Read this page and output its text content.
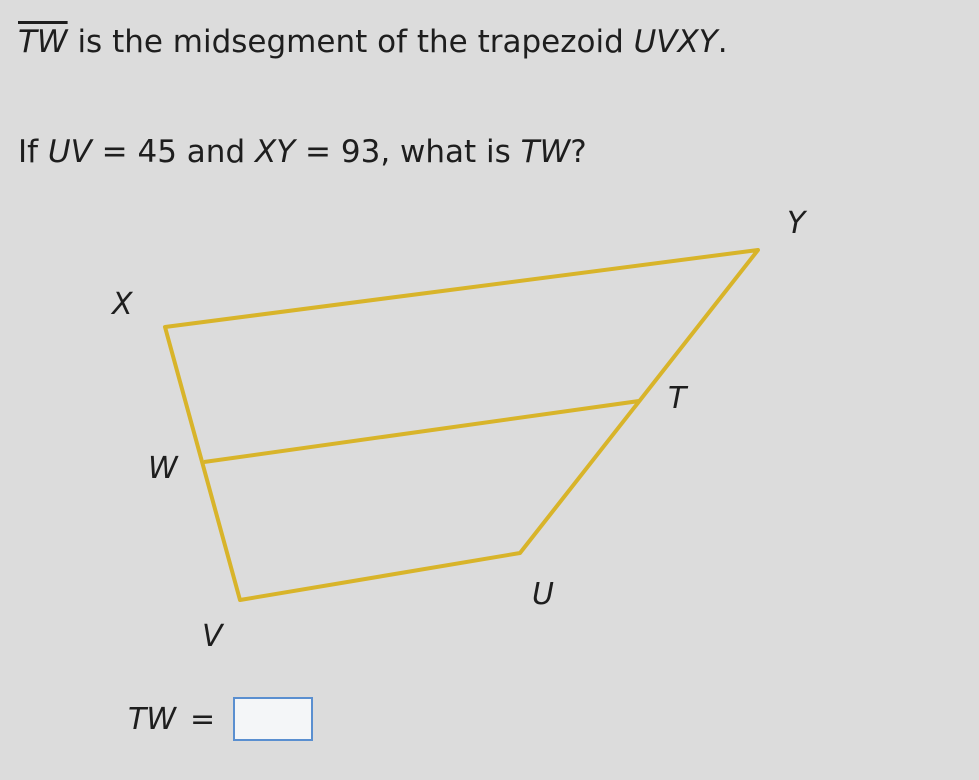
$\overline{TW}$ is the midsegment of the trapezoid UVXY.
If UV = 45 and XY = 93, what is TW?
X
Y
T
W
U
V
TW =
